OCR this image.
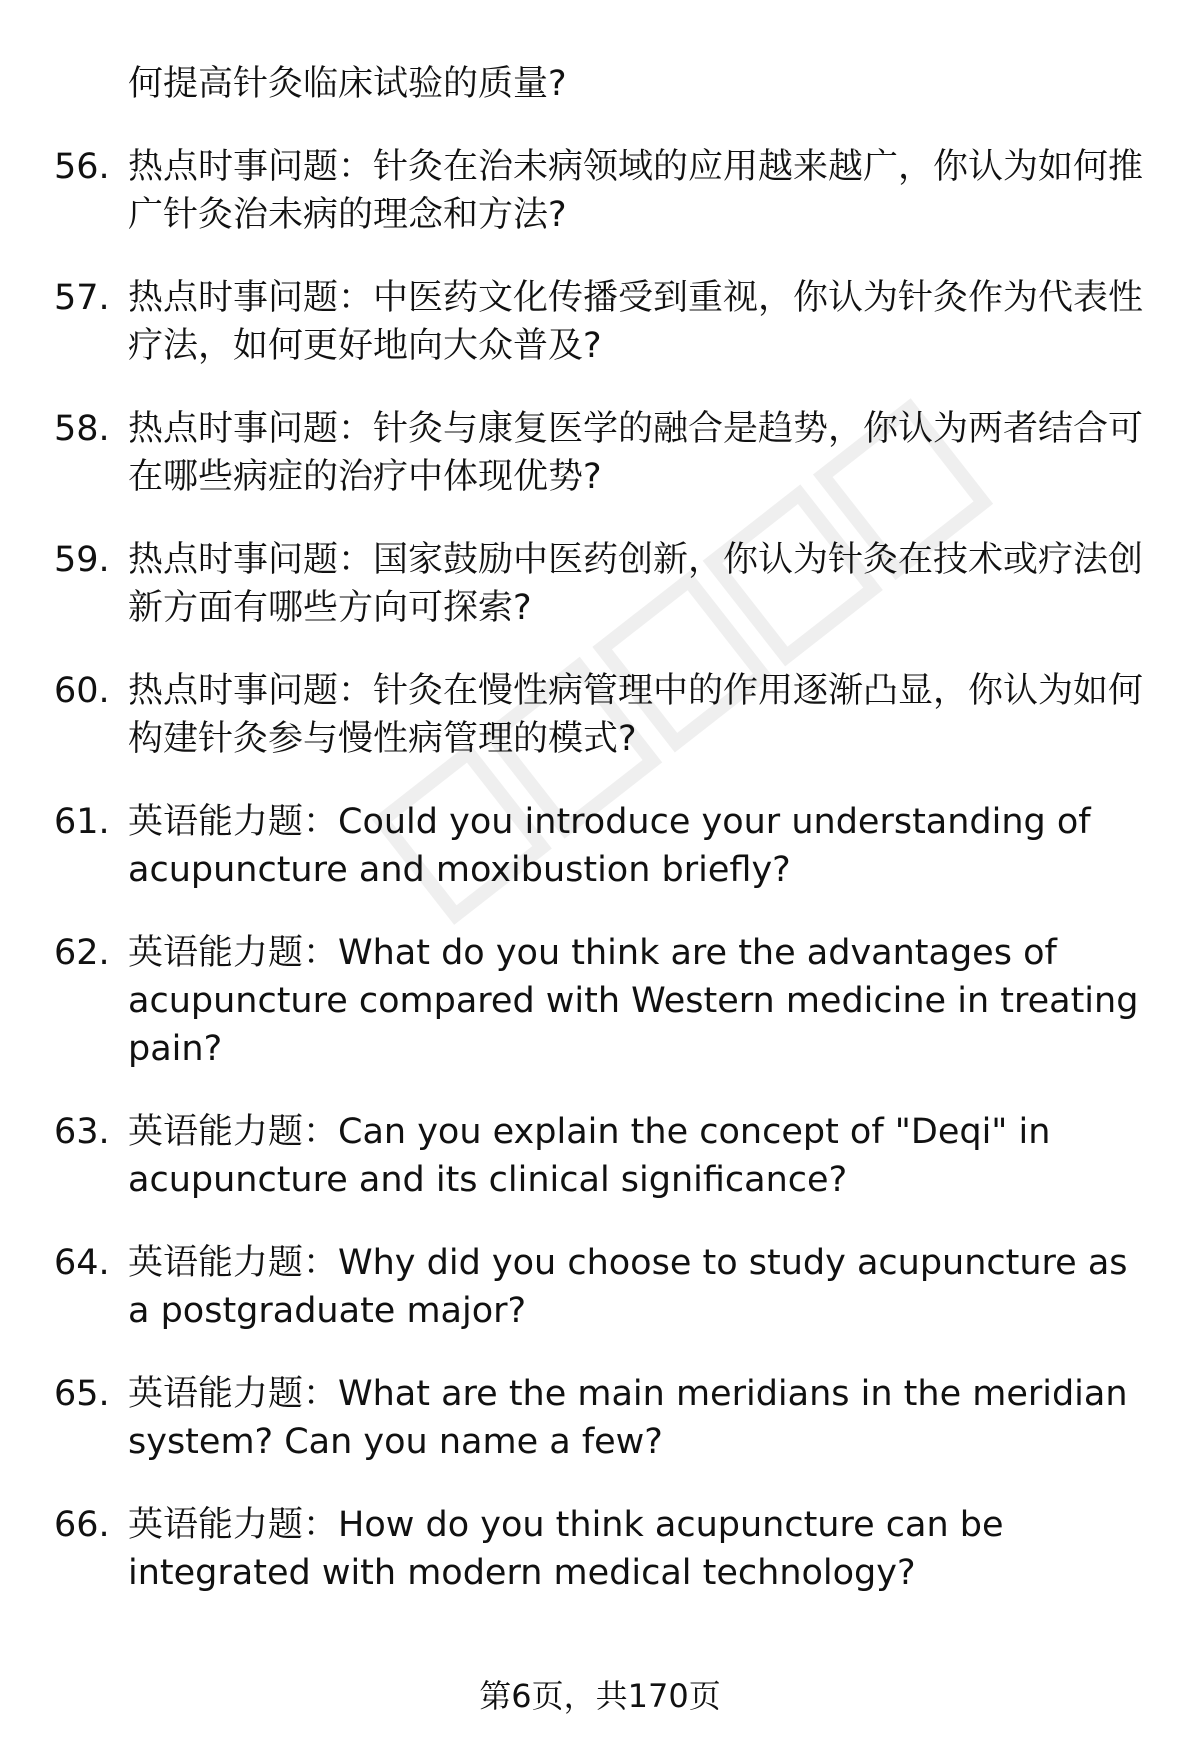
何提高针灸临床试验的质量?
56. 热点时事问题：针灸在治未病领域的应用越来越广，你认为如何推广针灸治未病的理念和方法?
57. 热点时事问题：中医药文化传播受到重视，你认为针灸作为代表性疗法，如何更好地向大众普及?
58. 热点时事问题：针灸与康复医学的融合是趋势，你认为两者结合可在哪些病症的治疗中体现优势?
59. 热点时事问题：国家鼓励中医药创新，你认为针灸在技术或疗法创新方面有哪些方向可探索?
60. 热点时事问题：针灸在慢性病管理中的作用逐渐凸显，你认为如何构建针灸参与慢性病管理的模式?
61. 英语能力题：Could you introduce your understanding of acupuncture and moxibustion briefly?
62. 英语能力题：What do you think are the advantages of acupuncture compared with Western medicine in treating pain?
63. 英语能力题：Can you explain the concept of "Deqi" in acupuncture and its clinical significance?
64. 英语能力题：Why did you choose to study acupuncture as a postgraduate major?
65. 英语能力题：What are the main meridians in the meridian system? Can you name a few?
66. 英语能力题：How do you think acupuncture can be integrated with modern medical technology?
第6页，共170页
